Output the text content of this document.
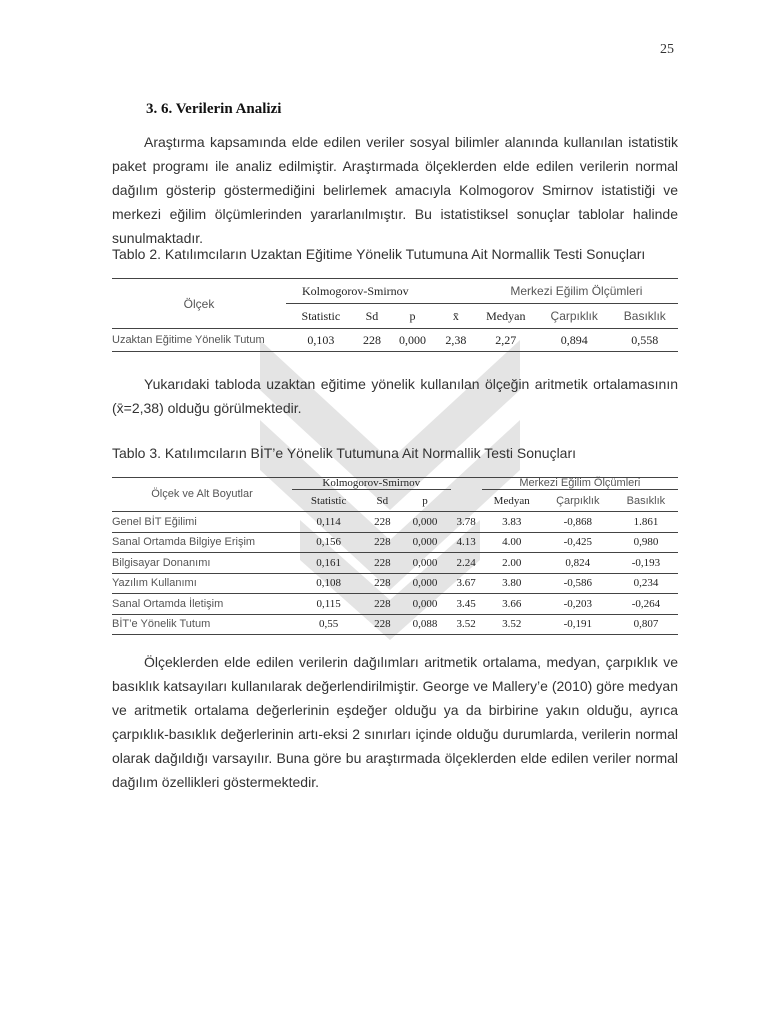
25
3. 6. Verilerin Analizi

Araştırma kapsamında elde edilen veriler sosyal bilimler alanında kullanılan istatistik paket programı ile analiz edilmiştir. Araştırmada ölçeklerden elde edilen verilerin normal dağılım gösterip göstermediğini belirlemek amacıyla Kolmogorov Smirnov istatistiği ve merkezi eğilim ölçümlerinden yararlanılmıştır. Bu istatistiksel sonuçlar tablolar halinde sunulmaktadır.

Tablo 2. Katılımcıların Uzaktan Eğitime Yönelik Tutumuna Ait Normallik Testi Sonuçları
Ölçek	Kolmogorov-Smirnov				Merkezi Eğilim Ölçümleri		
	Statistic	Sd	p	x̄	Medyan	Çarpıklık	Basıklık
Uzaktan Eğitime Yönelik Tutum	0,103	228	0,000	2,38	2,27	0,894	0,558

Yukarıdaki tabloda uzaktan eğitime yönelik kullanılan ölçeğin aritmetik ortalamasının (x̄=2,38) olduğu görülmektedir.

Tablo 3. Katılımcıların BİT’e Yönelik Tutumuna Ait Normallik Testi Sonuçları
Ölçek ve Alt Boyutlar	Kolmogorov-Smirnov				Merkezi Eğilim Ölçümleri		
	Statistic	Sd	p		Medyan	Çarpıklık	Basıklık
Genel BİT Eğilimi	0,114	228	0,000	3.78	3.83	-0,868	1.861
Sanal Ortamda Bilgiye Erişim	0,156	228	0,000	4.13	4.00	-0,425	0,980
Bilgisayar Donanımı	0,161	228	0,000	2.24	2.00	0,824	-0,193
Yazılım Kullanımı	0,108	228	0,000	3.67	3.80	-0,586	0,234
Sanal Ortamda İletişim	0,115	228	0,000	3.45	3.66	-0,203	-0,264
BİT’e Yönelik Tutum	0,55	228	0,088	3.52	3.52	-0,191	0,807

Ölçeklerden elde edilen verilerin dağılımları aritmetik ortalama, medyan, çarpıklık ve basıklık katsayıları kullanılarak değerlendirilmiştir. George ve Mallery’e (2010) göre medyan ve aritmetik ortalama değerlerinin eşdeğer olduğu ya da birbirine yakın olduğu, ayrıca çarpıklık-basıklık değerlerinin artı-eksi 2 sınırları içinde olduğu durumlarda, verilerin normal olarak dağıldığı varsayılır. Buna göre bu araştırmada ölçeklerden elde edilen veriler normal dağılım özellikleri göstermektedir.
